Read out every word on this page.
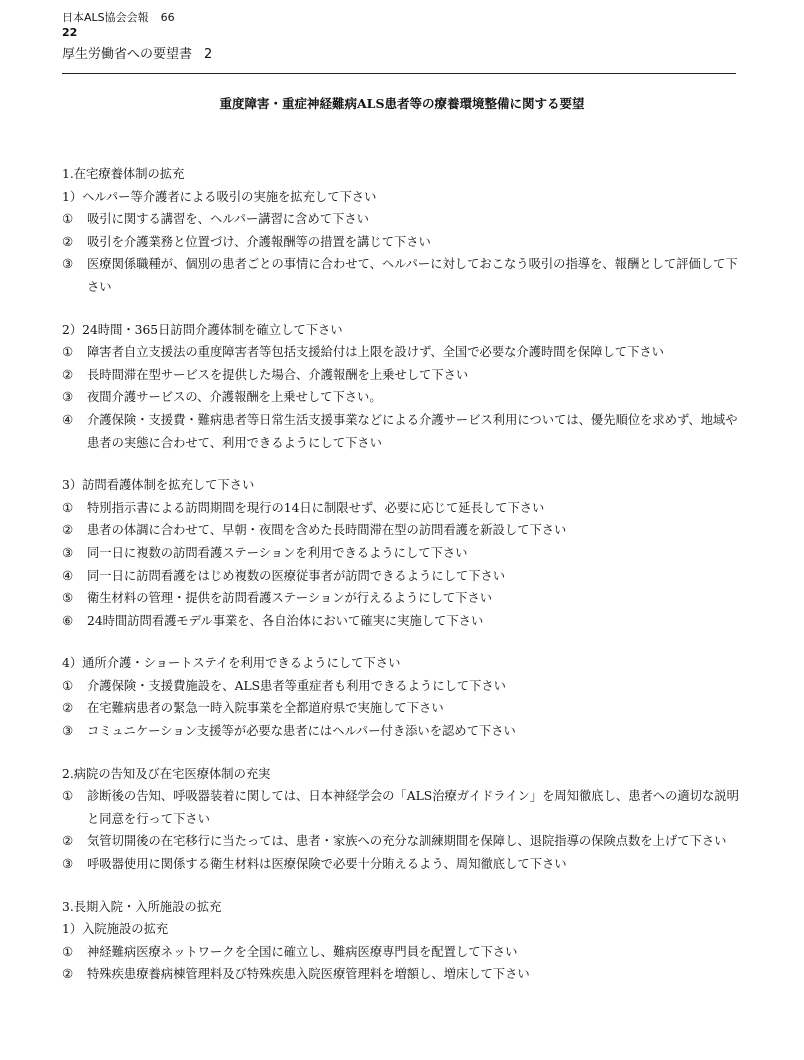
日本ALS協会会報 66
22
厚生労働省への要望書 2
重度障害・重症神経難病ALS患者等の療養環境整備に関する要望
1.在宅療養体制の拡充
1）ヘルパー等介護者による吸引の実施を拡充して下さい
①	吸引に関する講習を、ヘルパー講習に含めて下さい
②	吸引を介護業務と位置づけ、介護報酬等の措置を講じて下さい
③	医療関係職種が、個別の患者ごとの事情に合わせて、ヘルパーに対しておこなう吸引の指導を、報酬として評価して下さい
2）24時間・365日訪問介護体制を確立して下さい
①	障害者自立支援法の重度障害者等包括支援給付は上限を設けず、全国で必要な介護時間を保障して下さい
②	長時間滞在型サービスを提供した場合、介護報酬を上乗せして下さい
③	夜間介護サービスの、介護報酬を上乗せして下さい。
④	介護保険・支援費・難病患者等日常生活支援事業などによる介護サービス利用については、優先順位を求めず、地域や患者の実態に合わせて、利用できるようにして下さい
3）訪問看護体制を拡充して下さい
①	特別指示書による訪問期間を現行の14日に制限せず、必要に応じて延長して下さい
②	患者の体調に合わせて、早朝・夜間を含めた長時間滞在型の訪問看護を新設して下さい
③	同一日に複数の訪問看護ステーションを利用できるようにして下さい
④	同一日に訪問看護をはじめ複数の医療従事者が訪問できるようにして下さい
⑤	衛生材料の管理・提供を訪問看護ステーションが行えるようにして下さい
⑥	24時間訪問看護モデル事業を、各自治体において確実に実施して下さい
4）通所介護・ショートステイを利用できるようにして下さい
①	介護保険・支援費施設を、ALS患者等重症者も利用できるようにして下さい
②	在宅難病患者の緊急一時入院事業を全都道府県で実施して下さい
③	コミュニケーション支援等が必要な患者にはヘルパー付き添いを認めて下さい
2.病院の告知及び在宅医療体制の充実
①	診断後の告知、呼吸器装着に関しては、日本神経学会の「ALS治療ガイドライン」を周知徹底し、患者への適切な説明と同意を行って下さい
②	気管切開後の在宅移行に当たっては、患者・家族への充分な訓練期間を保障し、退院指導の保険点数を上げて下さい
③	呼吸器使用に関係する衛生材料は医療保険で必要十分賄えるよう、周知徹底して下さい
3.長期入院・入所施設の拡充
1）入院施設の拡充
①	神経難病医療ネットワークを全国に確立し、難病医療専門員を配置して下さい
②	特殊疾患療養病棟管理料及び特殊疾患入院医療管理料を増額し、増床して下さい
